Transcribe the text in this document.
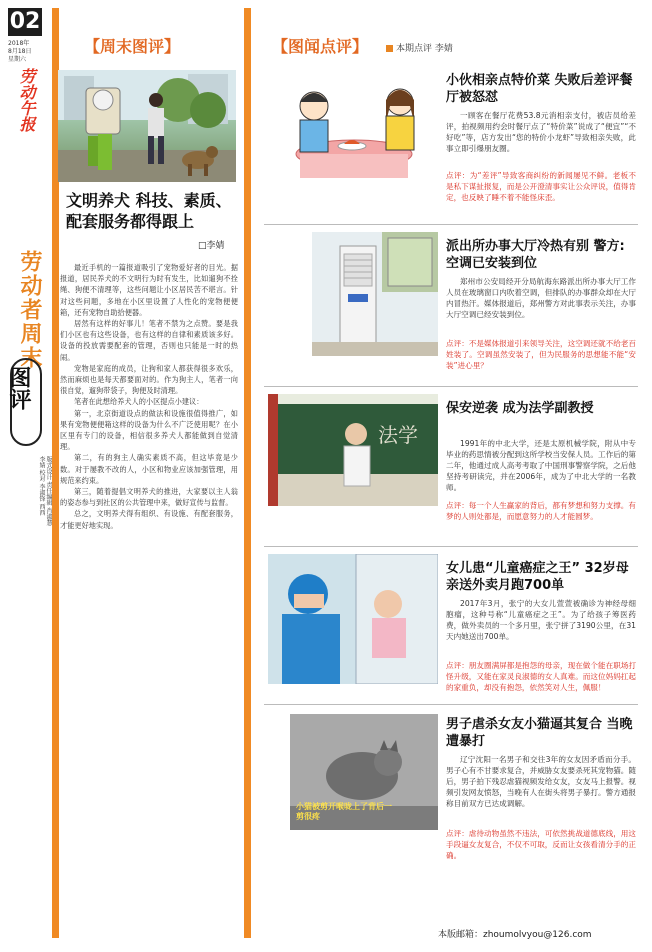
02
2018年
8月18日
星期六
劳动午报
劳动者周末
图评
版式设计 责任编辑 肖淑慧 李婧 校对 李淑锋 西西
【周末图评】
文明养犬 科技、素质、配套服务都得跟上
□李婧

最近手机的一篇报道吸引了宠物爱好者的目光。据报道，居民养犬的不文明行为时有发生，比如遛狗不拴绳、狗便不清理等，这些问题让小区居民苦不堪言。针对这些问题，多地在小区里设置了人性化的宠物便便箱，还有宠物自助拾便器。

居然有这样的好事儿！笔者不禁为之点赞。要是我们小区也有这些设备，也有这样的自律和素质该多好。设备的投放需要配套的管理，否则也只能是一时的热闹。

宠物是家庭的成员，让狗和家人都获得很多欢乐，然而麻烦也是每天都要面对的。作为狗主人，笔者一向很自觉，遛狗带袋子，狗便及时清理。

笔者在此想给养犬人的小区提点小建议：

第一，北京街道设点的做法和设施很值得推广，如果有宠物便便箱这样的设备为什么不广泛使用呢？在小区里有专门的设备，相信很多养犬人都能做到自觉清理。

第二，有的狗主人确实素质不高，但这毕竟是少数。对于屡教不改的人，小区和物业应该加强管理，用规范来约束。

第三，随着提倡文明养犬的推进，大家要以主人翁的姿态参与到社区的公共管理中来，做好宣传与监督。

总之，文明养犬得有组织、有设施、有配套服务，才能更好地实现。

【图闻点评】	本期点评 李婧
小伙相亲点特价菜 失败后差评餐厅被怒怼
一顾客在餐厅花费53.8元消相亲支付，被店员给差评，拍视频用约会时餐厅点了“特价菜”说成了“便宜”“不好吃”等，店方发出“您的特价小龙虾”导致相亲失败，此事立即引爆朋友圈。
点评：为“差评”导致客商纠纷的新闻屡见不鲜。老板不是私下谋扯报复，而是公开澄清事实让公众评说，值得肯定，也反映了睡不着不能怪床歪。
派出所办事大厅冷热有别 警方:空调已安装到位
郑州市公安局经开分局航海东路派出所办事大厅工作人员在玻璃窗口内吹着空调，但排队的办事群众却在大厅内冒热汗。媒体报道后，郑州警方对此事表示关注，办事大厅空调已经安装到位。
点评：不是媒体报道引来领导关注，这空调还就不给老百姓装了。空调虽然安装了，但为民服务的思想能不能“安装”进心里？
法学
保安逆袭 成为法学副教授
1991年的中北大学，还是太原机械学院，附从中专毕业的药思情被分配到这所学校当安保人员。工作后的第二年，他通过成人高考考取了中国刑事警察学院，之后他坚持考研读完，并在2006年，成为了中北大学的一名教师。
点评：每一个人生赢家的背后，都有梦想和努力支撑。有梦的人则处都是，而愿意努力的人才能圆梦。
女儿患“儿童癌症之王” 32岁母亲送外卖月跑700单
2017年3月，张宁的大女儿萱萱被确诊为神经母细胞瘤，这种号称“儿童癌症之王”。为了给孩子筹医药费，做外卖员的一个多月里，张宁拼了3190公里，在31天内她送出700单。
点评：朋友圈满屏都是抱怨的母亲，现在做个能在职场打怪升级，又能在家灵良淑德的女人真难。而这位妈妈扛起的家重负，却没有抱怨，依然笑对人生，佩服！
小猫被剪开喉咙上了背后一剪很疼
男子虐杀女友小猫逼其复合 当晚遭暴打
辽宁沈阳一名男子和交往3年的女友因矛盾而分手。男子心有不甘要求复合，并威胁女友要杀死其宠物猫。随后，男子拍下残忍虐猫视频发给女友，女友马上报警。视频引发网友愤怒，当晚有人在街头将男子暴打。警方通报称目前双方已达成调解。
点评：虐待动物虽然不违法，可依然挑战道德底线，用这手段逼女友复合，不仅不可取，反而让女孩看清分手的正确。
本版邮箱：zhoumolvyou@126.com
